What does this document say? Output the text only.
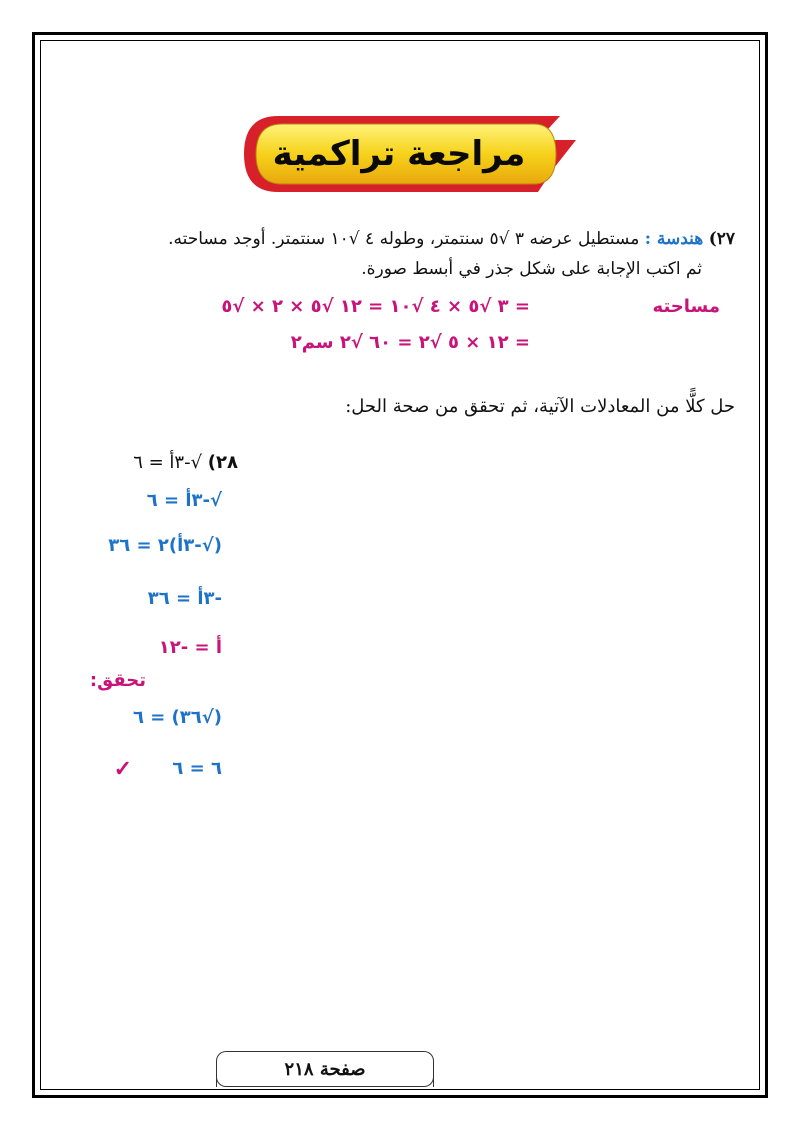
مراجعة تراكمية
٢٧) هندسة : مستطيل عرضه ٣ √٥ سنتمتر، وطوله ٤ √١٠ سنتمتر. أوجد مساحته.
ثم اكتب الإجابة على شكل جذر في أبسط صورة.
مساحته
= ٣ √٥ × ٤ √١٠ = ١٢ √٥ × ٢ × √٥
= ١٢ × ٥ √٢ = ٦٠ √٢ سم٢
حل كلًّا من المعادلات الآتية، ثم تحقق من صحة الحل:
٢٨) √-٣أ = ٦
√-٣أ = ٦
(√-٣أ)٢ = ٣٦
-٣أ = ٣٦
أ = -١٢
تحقق:
(√٣٦) = ٦
٦ = ٦
✓
صفحة ٢١٨
